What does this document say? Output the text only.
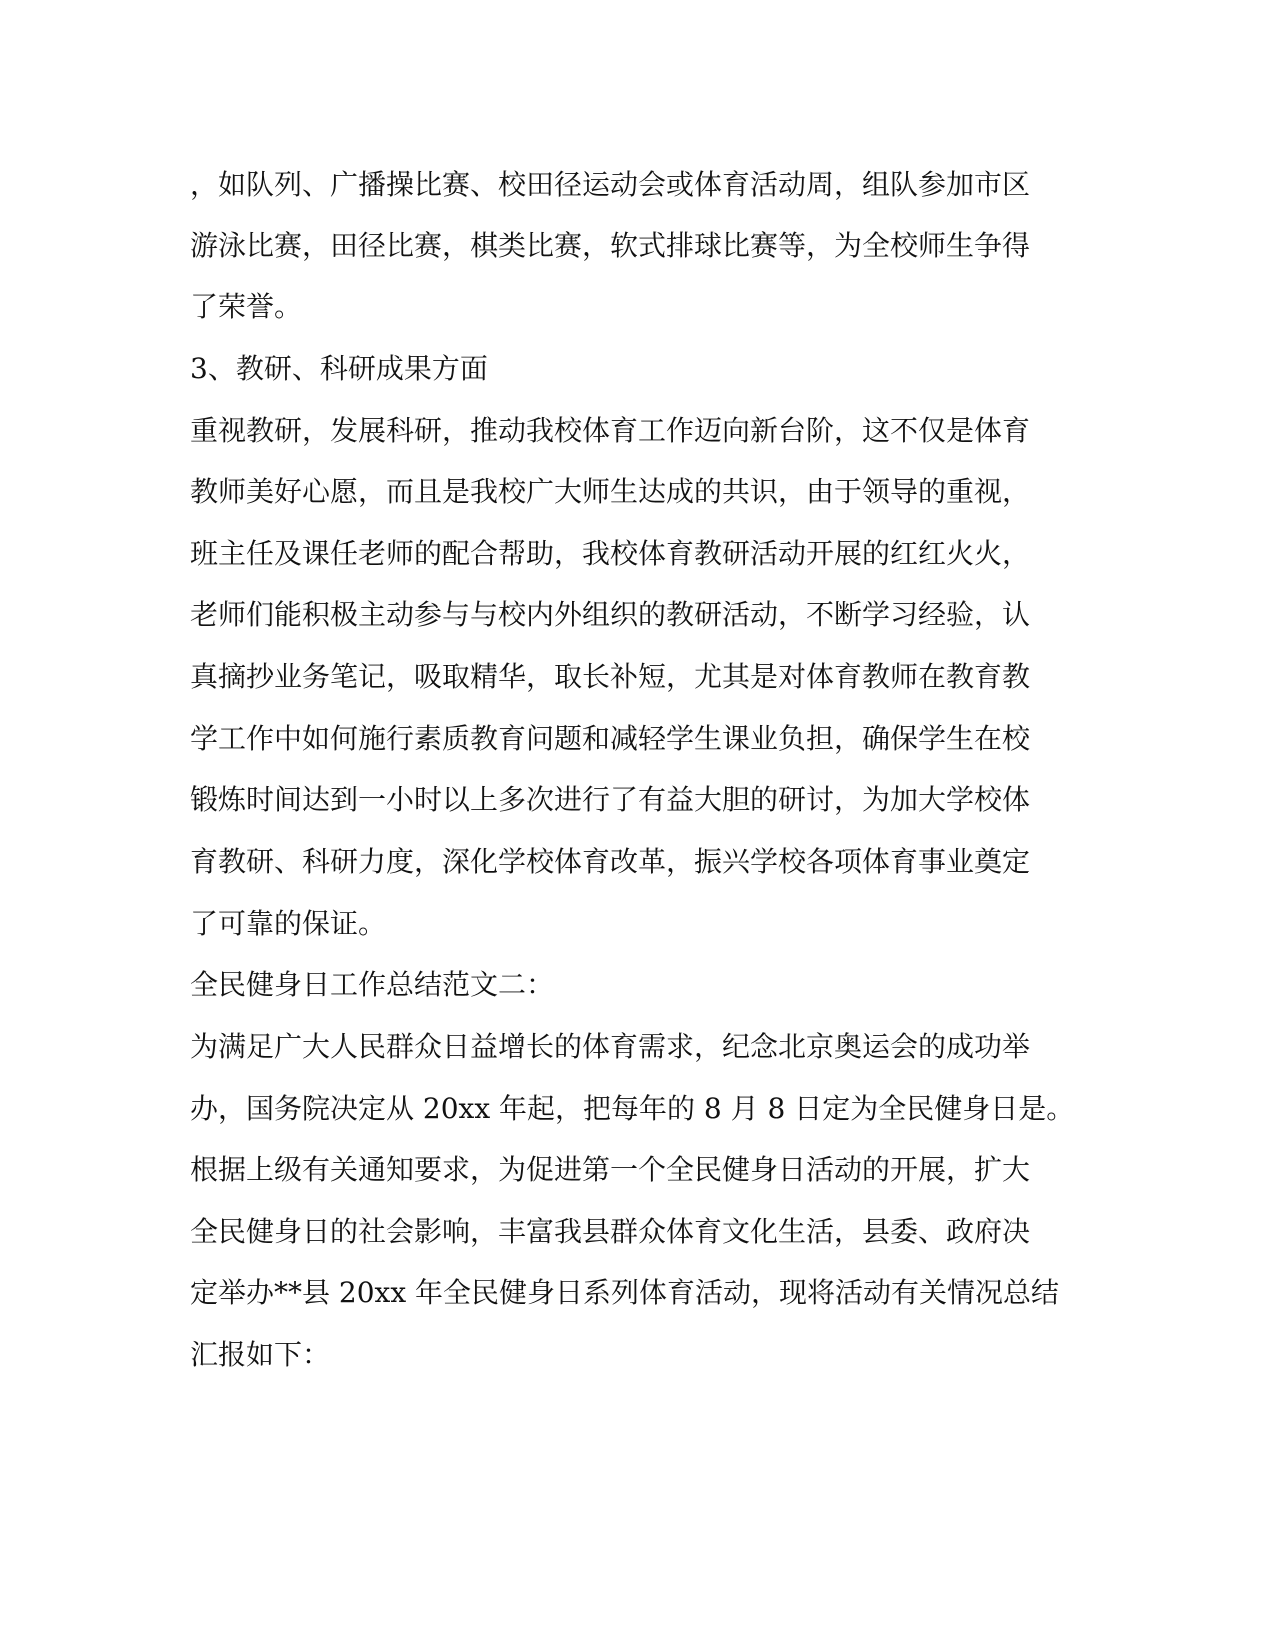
，如队列、广播操比赛、校田径运动会或体育活动周，组队参加市区

游泳比赛，田径比赛，棋类比赛，软式排球比赛等，为全校师生争得

了荣誉。

3、教研、科研成果方面

重视教研，发展科研，推动我校体育工作迈向新台阶，这不仅是体育

教师美好心愿，而且是我校广大师生达成的共识，由于领导的重视，

班主任及课任老师的配合帮助，我校体育教研活动开展的红红火火，

老师们能积极主动参与与校内外组织的教研活动，不断学习经验，认

真摘抄业务笔记，吸取精华，取长补短，尤其是对体育教师在教育教

学工作中如何施行素质教育问题和减轻学生课业负担，确保学生在校

锻炼时间达到一小时以上多次进行了有益大胆的研讨，为加大学校体

育教研、科研力度，深化学校体育改革，振兴学校各项体育事业奠定

了可靠的保证。

全民健身日工作总结范文二：

为满足广大人民群众日益增长的体育需求，纪念北京奥运会的成功举

办，国务院决定从 20xx 年起，把每年的 8 月 8 日定为全民健身日是。

根据上级有关通知要求，为促进第一个全民健身日活动的开展，扩大

全民健身日的社会影响，丰富我县群众体育文化生活，县委、政府决

定举办**县 20xx 年全民健身日系列体育活动，现将活动有关情况总结

汇报如下：
